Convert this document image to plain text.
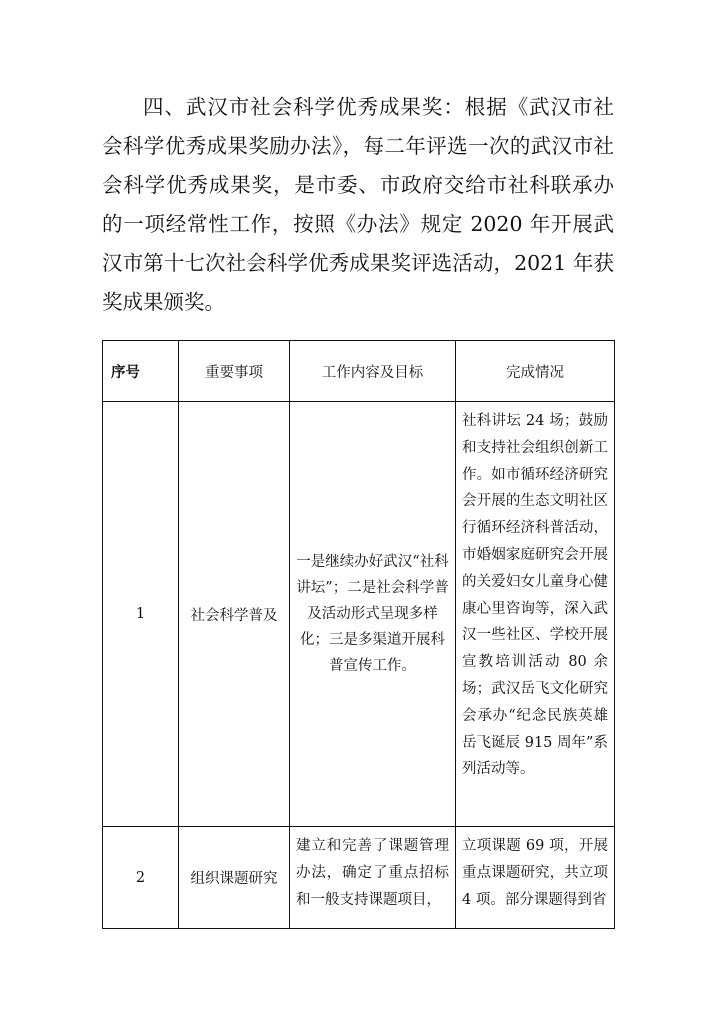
四、武汉市社会科学优秀成果奖：根据《武汉市社会科学优秀成果奖励办法》，每二年评选一次的武汉市社会科学优秀成果奖，是市委、市政府交给市社科联承办的一项经常性工作，按照《办法》规定 2020 年开展武汉市第十七次社会科学优秀成果奖评选活动，2021 年获奖成果颁奖。

序号	重要事项	工作内容及目标	完成情况
1	社会科学普及	一是继续办好武汉“社科讲坛”；二是社会科学普及活动形式呈现多样化；三是多渠道开展科普宣传工作。	社科讲坛 24 场；鼓励和支持社会组织创新工作。如市循环经济研究会开展的生态文明社区行循环经济科普活动，市婚姻家庭研究会开展的关爱妇女儿童身心健康心里咨询等，深入武汉一些社区、学校开展宣教培训活动 80 余场；武汉岳飞文化研究会承办“纪念民族英雄岳飞诞辰 915 周年”系列活动等。
2	组织课题研究	建立和完善了课题管理办法，确定了重点招标和一般支持课题项目，	立项课题 69 项，开展重点课题研究，共立项 4 项。部分课题得到省
